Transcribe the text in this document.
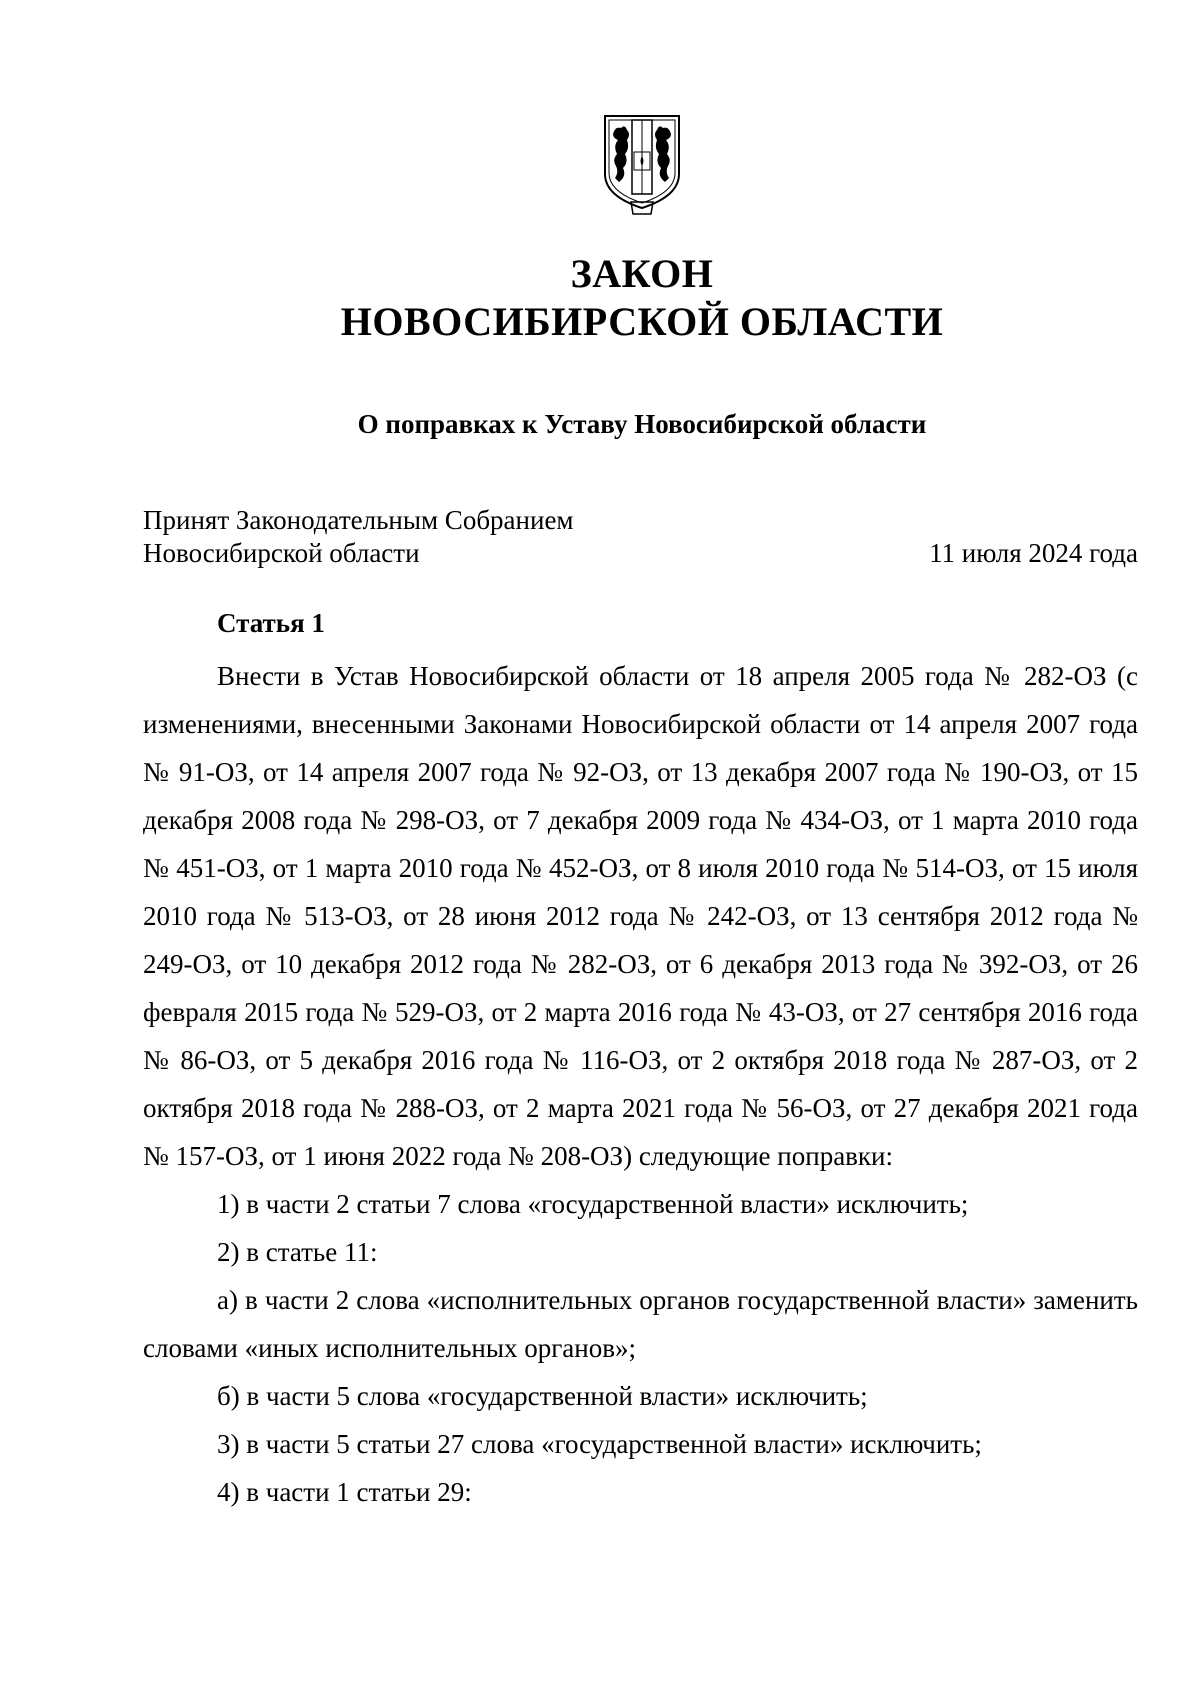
ЗАКОН
НОВОСИБИРСКОЙ ОБЛАСТИ
О поправках к Уставу Новосибирской области
Принят Законодательным Собранием
Новосибирской области	11 июля 2024 года
Статья 1

Внести в Устав Новосибирской области от 18 апреля 2005 года № 282-ОЗ (с изменениями, внесенными Законами Новосибирской области от 14 апреля 2007 года № 91-ОЗ, от 14 апреля 2007 года № 92-ОЗ, от 13 декабря 2007 года № 190-ОЗ, от 15 декабря 2008 года № 298-ОЗ, от 7 декабря 2009 года № 434-ОЗ, от 1 марта 2010 года № 451-ОЗ, от 1 марта 2010 года № 452-ОЗ, от 8 июля 2010 года № 514-ОЗ, от 15 июля 2010 года № 513-ОЗ, от 28 июня 2012 года № 242-ОЗ, от 13 сентября 2012 года № 249-ОЗ, от 10 декабря 2012 года № 282-ОЗ, от 6 декабря 2013 года № 392-ОЗ, от 26 февраля 2015 года № 529-ОЗ, от 2 марта 2016 года № 43-ОЗ, от 27 сентября 2016 года № 86-ОЗ, от 5 декабря 2016 года № 116-ОЗ, от 2 октября 2018 года № 287-ОЗ, от 2 октября 2018 года № 288-ОЗ, от 2 марта 2021 года № 56-ОЗ, от 27 декабря 2021 года № 157-ОЗ, от 1 июня 2022 года № 208-ОЗ) следующие поправки:

1) в части 2 статьи 7 слова «государственной власти» исключить;

2) в статье 11:

а) в части 2 слова «исполнительных органов государственной власти» заменить словами «иных исполнительных органов»;

б) в части 5 слова «государственной власти» исключить;

3) в части 5 статьи 27 слова «государственной власти» исключить;

4) в части 1 статьи 29:
